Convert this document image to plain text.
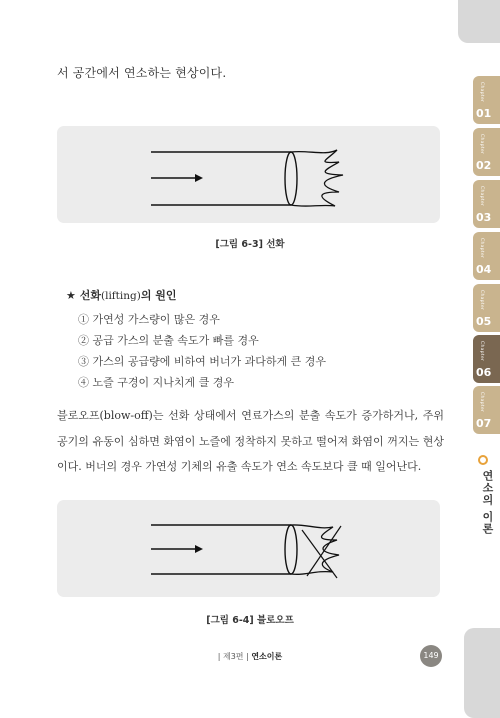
서 공간에서 연소하는 현상이다.
[그림 6-3] 선화
★ 선화(lifting)의 원인
① 가연성 가스량이 많은 경우
② 공급 가스의 분출 속도가 빠를 경우
③ 가스의 공급량에 비하여 버너가 과다하게 큰 경우
④ 노즐 구경이 지나치게 클 경우
블로오프(blow-off)는 선화 상태에서 연료가스의 분출 속도가 증가하거나, 주위 공기의 유동이 심하면 화염이 노즐에 정착하지 못하고 떨어져 화염이 꺼지는 현상이다. 버너의 경우 가연성 기체의 유출 속도가 연소 속도보다 클 때 일어난다.
[그림 6-4] 블로오프
| 제3편 | 연소이론	149
Chapter
01
Chapter
02
Chapter
03
Chapter
04
Chapter
05
Chapter
06
Chapter
07
연소의 이론
